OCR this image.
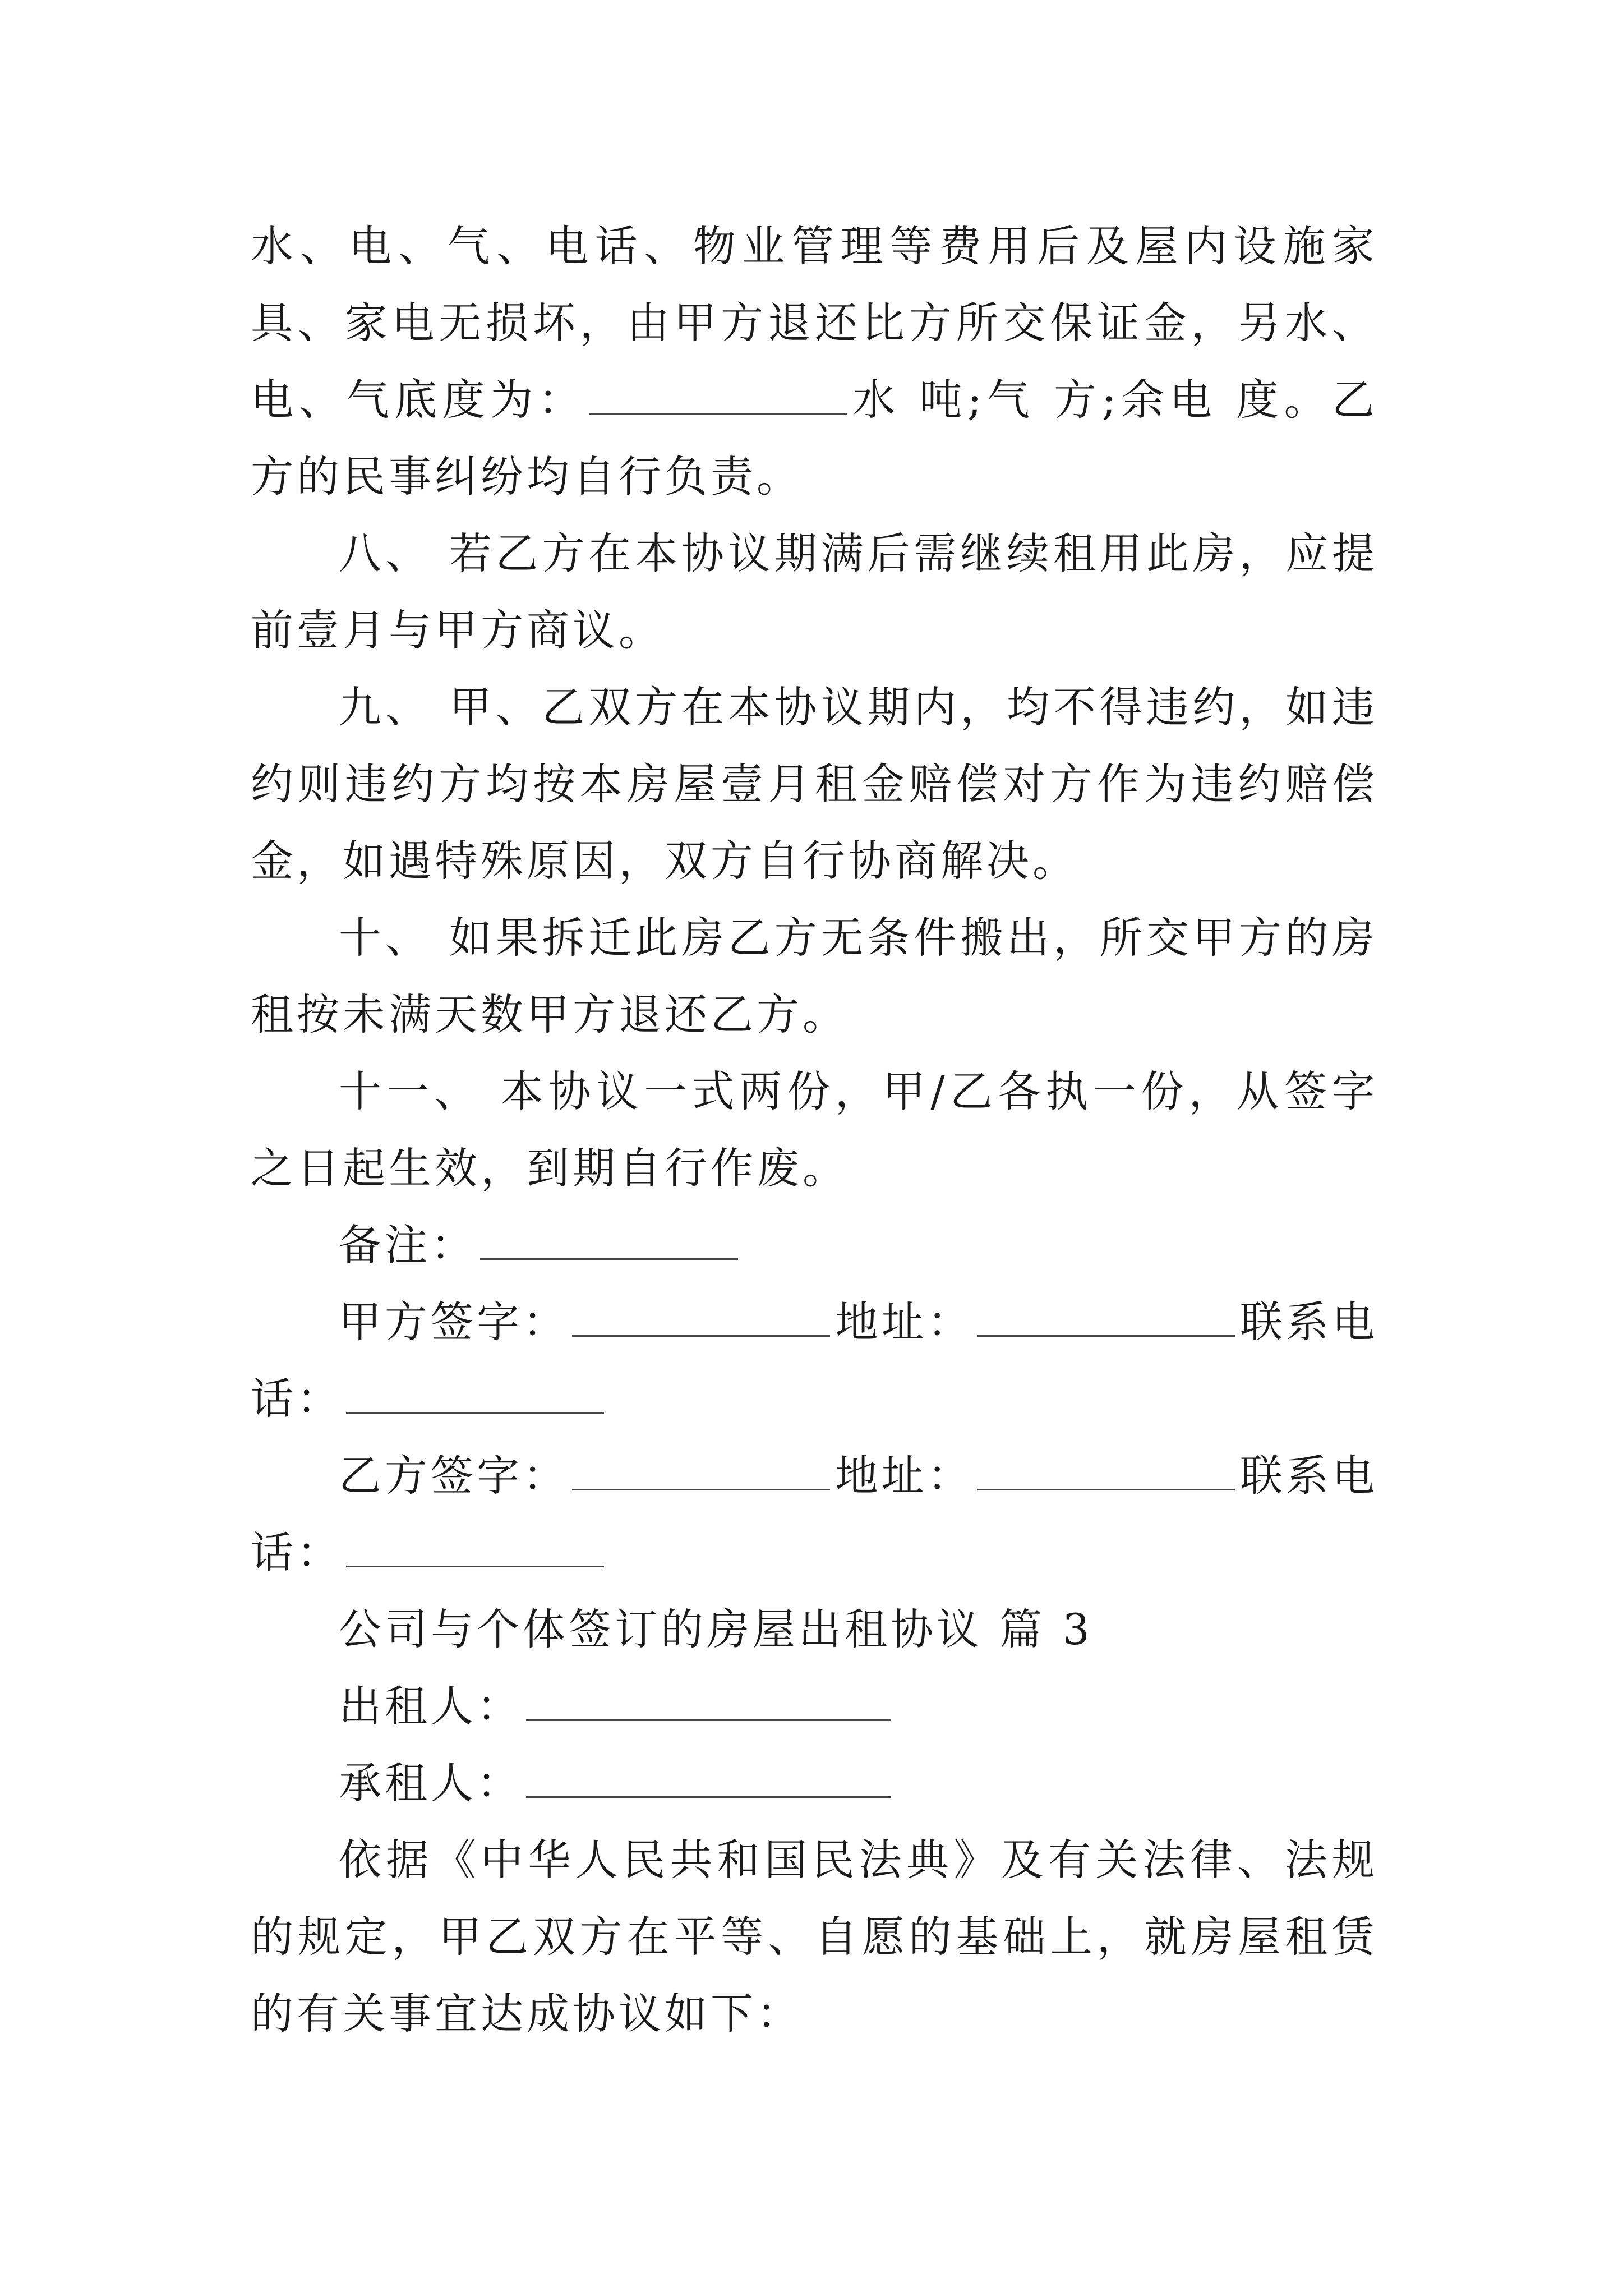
水、电、气、电话、物业管理等费用后及屋内设施家具、家电无损坏，由甲方退还比方所交保证金，另水、电、气底度为：	水 吨;气 方;余电 度。乙方的民事纠纷均自行负责。

八、 若乙方在本协议期满后需继续租用此房，应提前壹月与甲方商议。

九、 甲、乙双方在本协议期内，均不得违约，如违约则违约方均按本房屋壹月租金赔偿对方作为违约赔偿金，如遇特殊原因，双方自行协商解决。

十、 如果拆迁此房乙方无条件搬出，所交甲方的房租按未满天数甲方退还乙方。

十一、 本协议一式两份，甲/乙各执一份，从签字之日起生效，到期自行作废。

备注：

甲方签字：	地址：	联系电

话：

乙方签字：	地址：	联系电

话：

公司与个体签订的房屋出租协议 篇 3

出租人：

承租人：

依据《中华人民共和国民法典》及有关法律、法规的规定，甲乙双方在平等、自愿的基础上，就房屋租赁的有关事宜达成协议如下：
